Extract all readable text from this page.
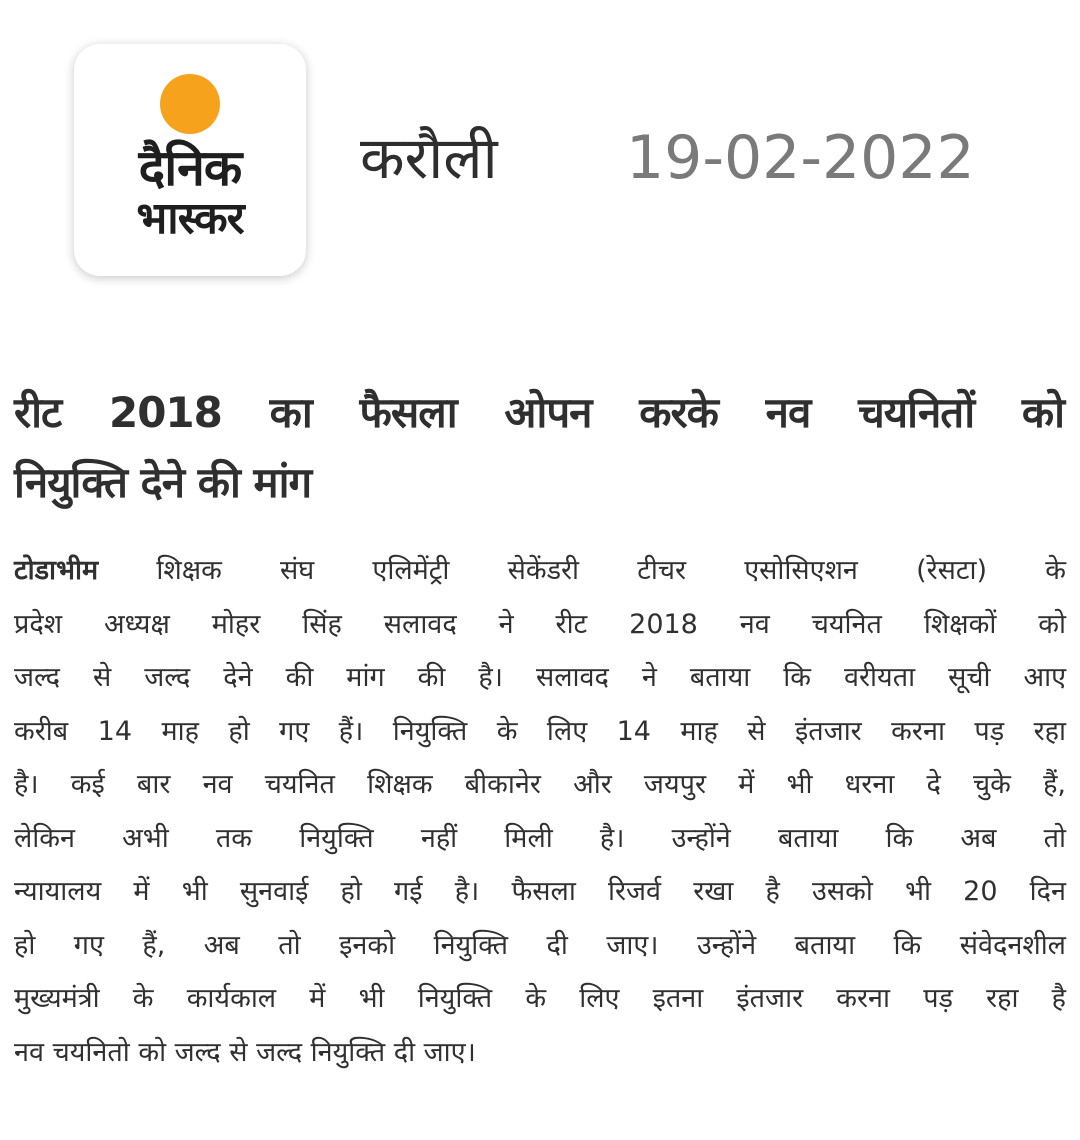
दैनिक
भास्कर
करौली 19-02-2022
रीट 2018 का फैसला ओपन करके नव चयनितों को
नियुक्ति देने की मांग
टोडाभीम शिक्षक संघ एलिमेंट्री सेकेंडरी टीचर एसोसिएशन (रेसटा) के
प्रदेश अध्यक्ष मोहर सिंह सलावद ने रीट 2018 नव चयनित शिक्षकों को
जल्द से जल्द देने की मांग की है। सलावद ने बताया कि वरीयता सूची आए
करीब 14 माह हो गए हैं। नियुक्ति के लिए 14 माह से इंतजार करना पड़ रहा
है। कई बार नव चयनित शिक्षक बीकानेर और जयपुर में भी धरना दे चुके हैं,
लेकिन अभी तक नियुक्ति नहीं मिली है। उन्होंने बताया कि अब तो
न्यायालय में भी सुनवाई हो गई है। फैसला रिजर्व रखा है उसको भी 20 दिन
हो गए हैं, अब तो इनको नियुक्ति दी जाए। उन्होंने बताया कि संवेदनशील
मुख्यमंत्री के कार्यकाल में भी नियुक्ति के लिए इतना इंतजार करना पड़ रहा है
नव चयनितो को जल्द से जल्द नियुक्ति दी जाए।
